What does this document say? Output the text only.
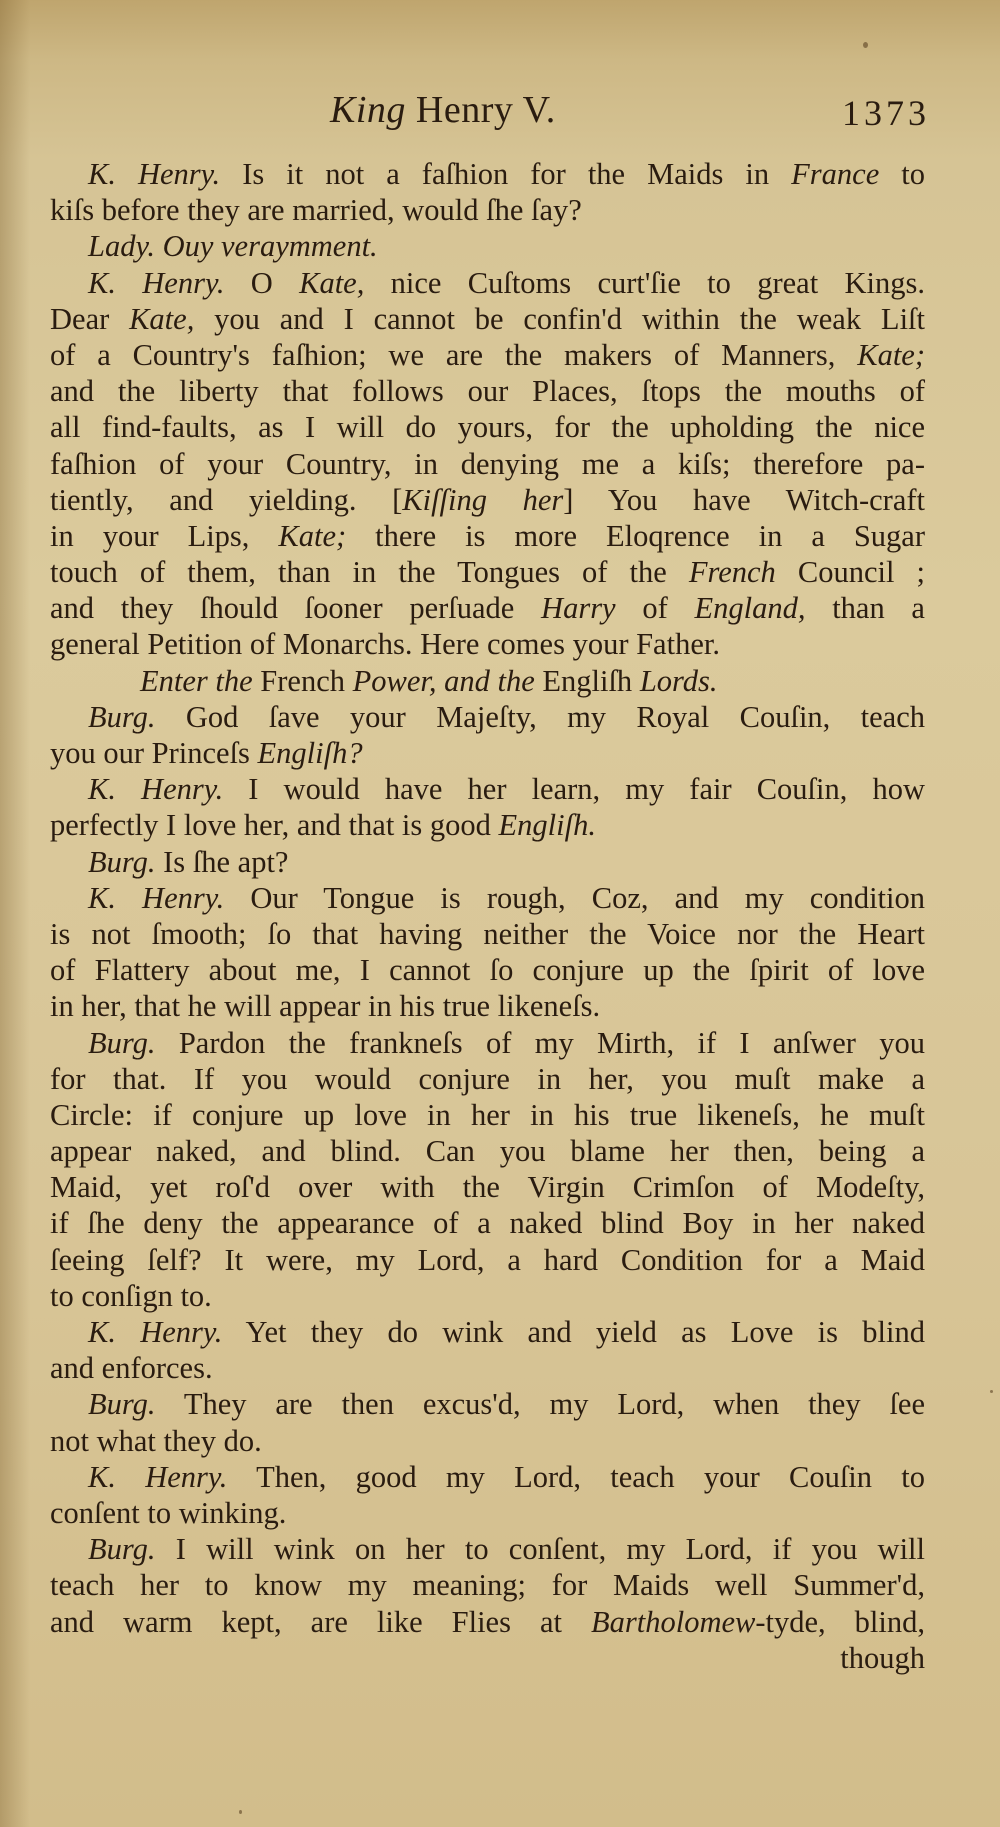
King Henry V.	1373
K. Henry. Is it not a faſhion for the Maids in France to
kiſs before they are married, would ſhe ſay?
Lady. Ouy veraymment.
K. Henry. O Kate, nice Cuſtoms curt'ſie to great Kings.
Dear Kate, you and I cannot be confin'd within the weak Liſt
of a Country's faſhion; we are the makers of Manners, Kate;
and the liberty that follows our Places, ſtops the mouths of
all find-faults, as I will do yours, for the upholding the nice
faſhion of your Country, in denying me a kiſs; therefore pa-
tiently, and yielding. [Kiſſing her] You have Witch-craft
in your Lips, Kate; there is more Eloqrence in a Sugar
touch of them, than in the Tongues of the French Council ;
and they ſhould ſooner perſuade Harry of England, than a
general Petition of Monarchs. Here comes your Father.
Enter the French Power, and the Engliſh Lords.
Burg. God ſave your Majeſty, my Royal Couſin, teach
you our Princeſs Engliſh?
K. Henry. I would have her learn, my fair Couſin, how
perfectly I love her, and that is good Engliſh.
Burg. Is ſhe apt?
K. Henry. Our Tongue is rough, Coz, and my condition
is not ſmooth; ſo that having neither the Voice nor the Heart
of Flattery about me, I cannot ſo conjure up the ſpirit of love
in her, that he will appear in his true likeneſs.
Burg. Pardon the frankneſs of my Mirth, if I anſwer you
for that. If you would conjure in her, you muſt make a
Circle: if conjure up love in her in his true likeneſs, he muſt
appear naked, and blind. Can you blame her then, being a
Maid, yet roſ'd over with the Virgin Crimſon of Modeſty,
if ſhe deny the appearance of a naked blind Boy in her naked
ſeeing ſelf? It were, my Lord, a hard Condition for a Maid
to conſign to.
K. Henry. Yet they do wink and yield as Love is blind
and enforces.
Burg. They are then excus'd, my Lord, when they ſee
not what they do.
K. Henry. Then, good my Lord, teach your Couſin to
conſent to winking.
Burg. I will wink on her to conſent, my Lord, if you will
teach her to know my meaning; for Maids well Summer'd,
and warm kept, are like Flies at Bartholomew-tyde, blind,
though
